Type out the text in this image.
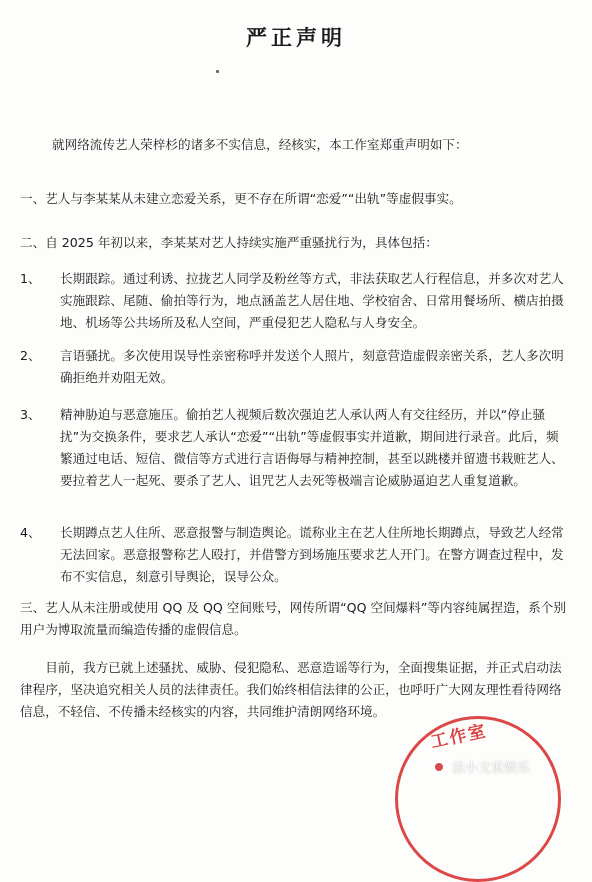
严正声明

就网络流传艺人荣梓杉的诸多不实信息，经核实，本工作室郑重声明如下：

一、艺人与李某某从未建立恋爱关系，更不存在所谓“恋爱”“出轨”等虚假事实。

二、自 2025 年初以来，李某某对艺人持续实施严重骚扰行为，具体包括：

1、 长期跟踪。通过利诱、拉拢艺人同学及粉丝等方式，非法获取艺人行程信息，并多次对艺人实施跟踪、尾随、偷拍等行为，地点涵盖艺人居住地、学校宿舍、日常用餐场所、横店拍摄地、机场等公共场所及私人空间，严重侵犯艺人隐私与人身安全。

2、 言语骚扰。多次使用误导性亲密称呼并发送个人照片，刻意营造虚假亲密关系，艺人多次明确拒绝并劝阻无效。

3、 精神胁迫与恶意施压。偷拍艺人视频后数次强迫艺人承认两人有交往经历，并以“停止骚扰”为交换条件，要求艺人承认“恋爱”“出轨”等虚假事实并道歉，期间进行录音。此后，频繁通过电话、短信、微信等方式进行言语侮辱与精神控制，甚至以跳楼并留遗书栽赃艺人、要拉着艺人一起死、要杀了艺人、诅咒艺人去死等极端言论威胁逼迫艺人重复道歉。

4、 长期蹲点艺人住所、恶意报警与制造舆论。谎称业主在艺人住所地长期蹲点，导致艺人经常无法回家。恶意报警称艺人殴打，并借警方到场施压要求艺人开门。在警方调查过程中，发布不实信息，刻意引导舆论，误导公众。

三、艺人从未注册或使用 QQ 及 QQ 空间账号，网传所谓“QQ 空间爆料”等内容纯属捏造，系个别用户为博取流量而编造传播的虚假信息。

目前，我方已就上述骚扰、威胁、侵犯隐私、恶意造谣等行为，全面搜集证据，并正式启动法律程序，坚决追究相关人员的法律责任。我们始终相信法律的公正，也呼吁广大网友理性看待网络信息，不轻信、不传播未经核实的内容，共同维护清朗网络环境。

工作室
法小文说娱乐
